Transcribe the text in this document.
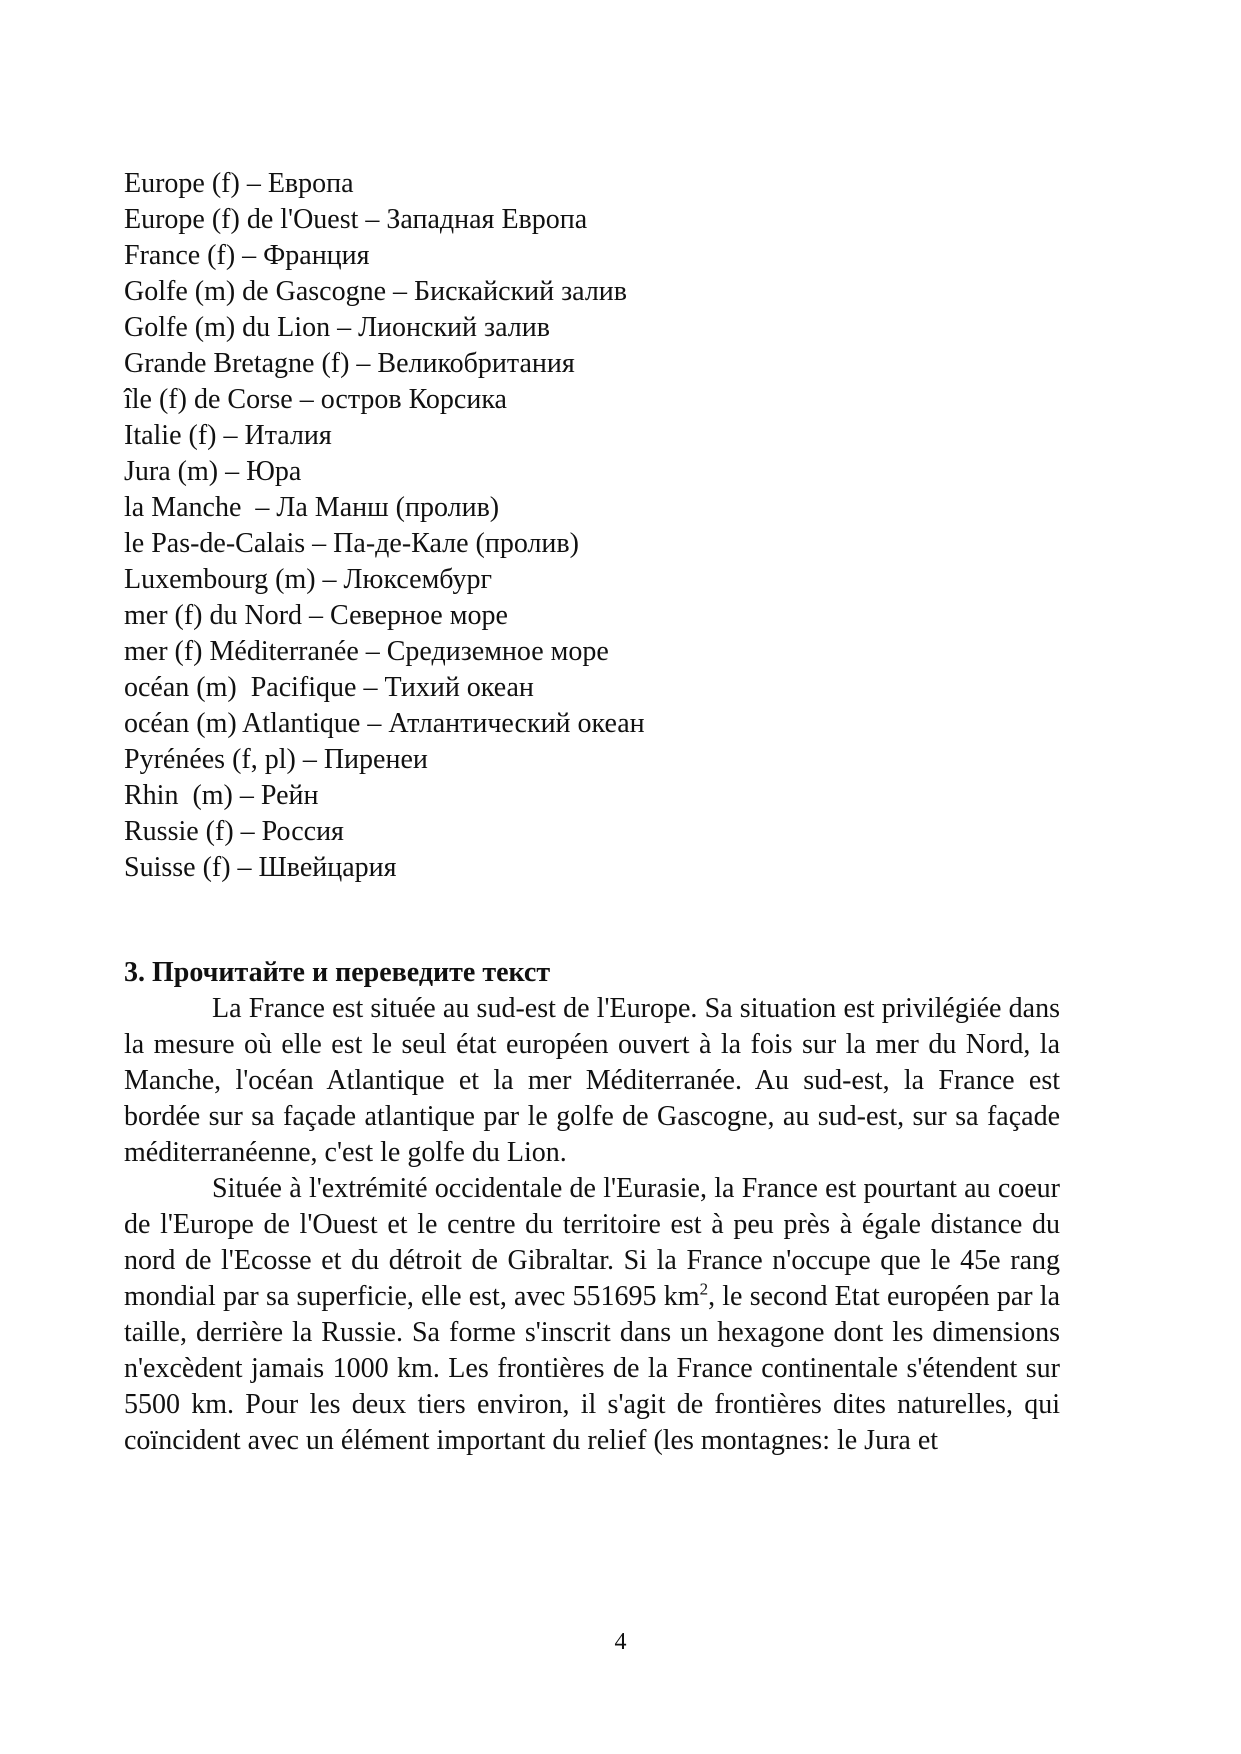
Europe (f) – Европа
Europe (f) de l'Ouest – Западная Европа
France (f) – Франция
Golfe (m) de Gascogne – Бискайский залив
Golfe (m) du Lion – Лионский залив
Grande Bretagne (f) – Великобритания
île (f) de Corse – остров Корсика
Italie (f) – Италия
Jura (m) – Юра
la Manche  – Ла Манш (пролив)
le Pas-de-Calais – Па-де-Кале (пролив)
Luxembourg (m) – Люксембург
mer (f) du Nord – Северное море
mer (f) Méditerranée – Средиземное море
océan (m)  Pacifique – Тихий океан
océan (m) Atlantique – Атлантический океан
Pyrénées (f, pl) – Пиренеи
Rhin  (m) – Рейн
Russie (f) – Россия
Suisse (f) – Швейцария
3. Прочитайте и переведите текст

La France est située au sud-est de l'Europe. Sa situation est privilégiée dans la mesure où elle est le seul état européen ouvert à la fois sur la mer du Nord, la Manche, l'océan Atlantique et la mer Méditerranée. Au sud-est, la France est bordée sur sa façade atlantique par le golfe de Gascogne, au sud-est, sur sa façade méditerranéenne, c'est le golfe du Lion.

Située à l'extrémité occidentale de l'Eurasie, la France est pourtant au coeur de l'Europe de l'Ouest et le centre du territoire est à peu près à égale distance du nord de l'Ecosse et du détroit de Gibraltar. Si la France n'occupe que le 45e rang mondial par sa superficie, elle est, avec 551695 $km^2$, le second Etat européen par la taille, derrière la Russie. Sa forme s'inscrit dans un hexagone dont les dimensions n'excèdent jamais 1000 km. Les frontières de la France continentale s'étendent sur 5500 km. Pour les deux tiers environ, il s'agit de frontières dites naturelles, qui coïncident avec un élément important du relief (les montagnes: le Jura et

4
